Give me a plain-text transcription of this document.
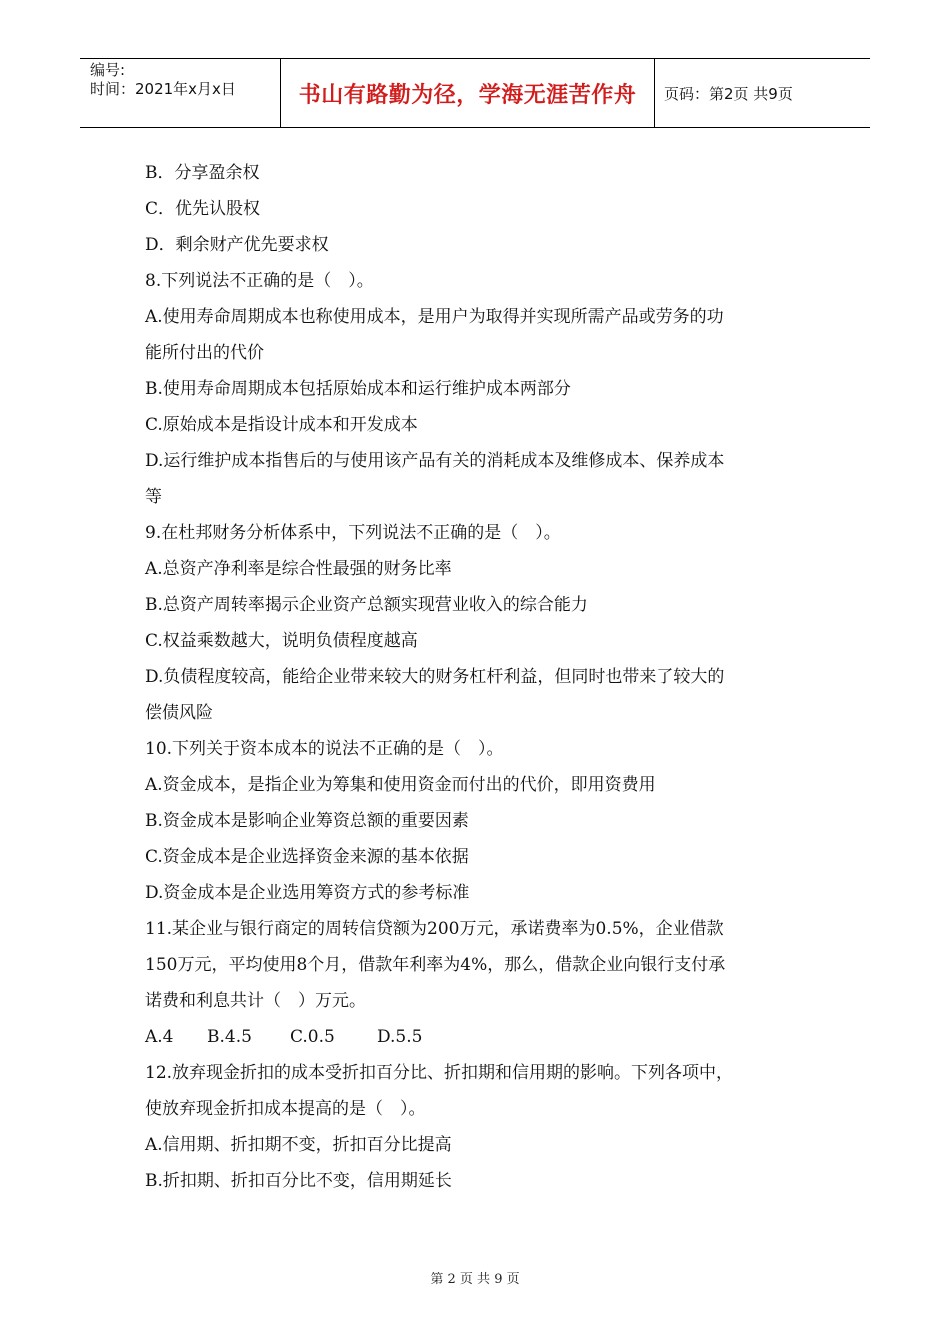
编号:
时间：2021年x月x日	书山有路勤为径，学海无涯苦作舟 页码：第2页 共9页
B．分享盈余权
C．优先认股权
D．剩余财产优先要求权
8.下列说法不正确的是（　）。
A.使用寿命周期成本也称使用成本，是用户为取得并实现所需产品或劳务的功
能所付出的代价
B.使用寿命周期成本包括原始成本和运行维护成本两部分
C.原始成本是指设计成本和开发成本
D.运行维护成本指售后的与使用该产品有关的消耗成本及维修成本、保养成本
等
9.在杜邦财务分析体系中，下列说法不正确的是（　）。
A.总资产净利率是综合性最强的财务比率
B.总资产周转率揭示企业资产总额实现营业收入的综合能力
C.权益乘数越大，说明负债程度越高
D.负债程度较高，能给企业带来较大的财务杠杆利益，但同时也带来了较大的
偿债风险
10.下列关于资本成本的说法不正确的是（　）。
A.资金成本，是指企业为筹集和使用资金而付出的代价，即用资费用
B.资金成本是影响企业筹资总额的重要因素
C.资金成本是企业选择资金来源的基本依据
D.资金成本是企业选用筹资方式的参考标准
11.某企业与银行商定的周转信贷额为200万元，承诺费率为0.5%，企业借款
150万元，平均使用8个月，借款年利率为4%，那么，借款企业向银行支付承
诺费和利息共计（　）万元。
A.4 B.4.5 C.0.5 D.5.5
12.放弃现金折扣的成本受折扣百分比、折扣期和信用期的影响。下列各项中，
使放弃现金折扣成本提高的是（　）。
A.信用期、折扣期不变，折扣百分比提高
B.折扣期、折扣百分比不变，信用期延长
第 2 页 共 9 页
